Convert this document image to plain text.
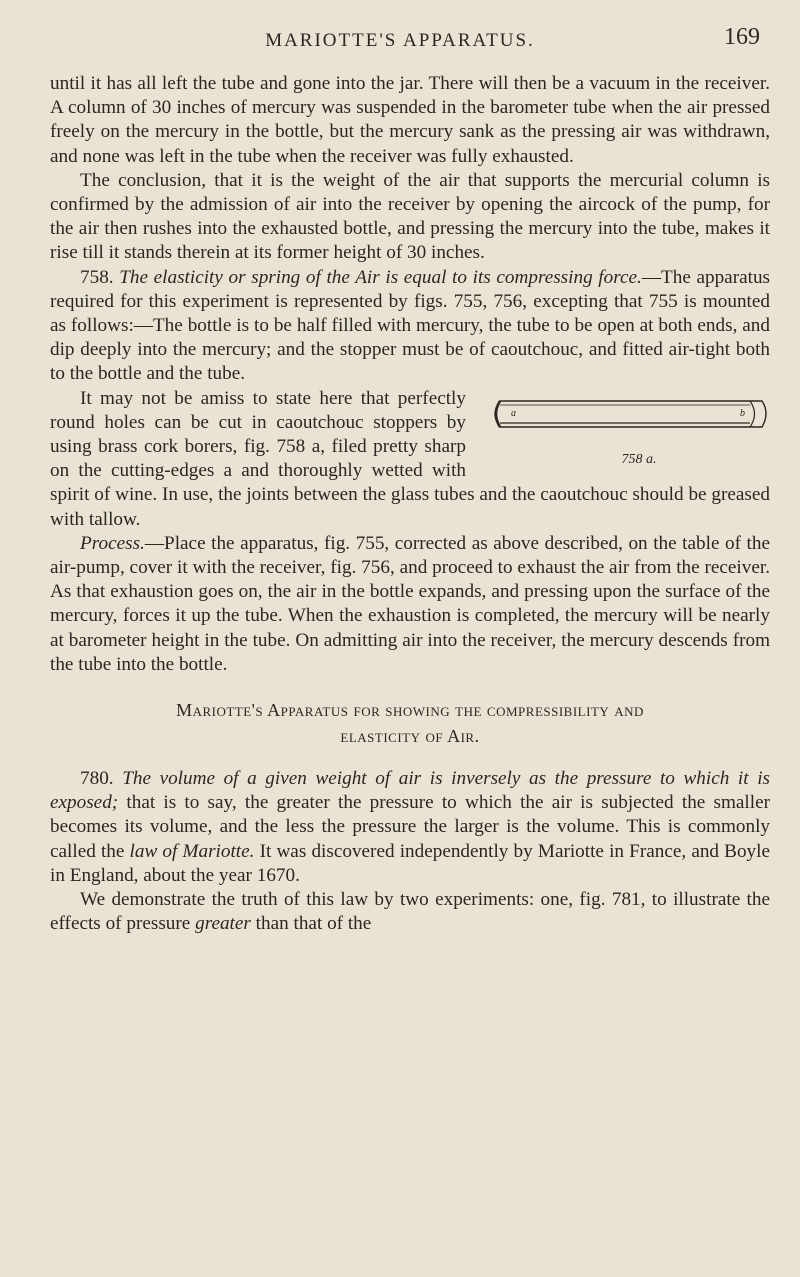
MARIOTTE'S APPARATUS.	169

until it has all left the tube and gone into the jar. There will then be a vacuum in the receiver. A column of 30 inches of mercury was suspended in the barometer tube when the air pressed freely on the mercury in the bottle, but the mercury sank as the pressing air was withdrawn, and none was left in the tube when the receiver was fully exhausted.

The conclusion, that it is the weight of the air that supports the mercurial column is confirmed by the admission of air into the receiver by opening the aircock of the pump, for the air then rushes into the exhausted bottle, and pressing the mercury into the tube, makes it rise till it stands therein at its former height of 30 inches.

758. The elasticity or spring of the Air is equal to its compressing force.—The apparatus required for this experiment is represented by figs. 755, 756, excepting that 755 is mounted as follows:—The bottle is to be half filled with mercury, the tube to be open at both ends, and dip deeply into the mercury; and the stopper must be of caoutchouc, and fitted air-tight both to the bottle and the tube.

a	b
758 a.
It may not be amiss to state here that perfectly round holes can be cut in caoutchouc stoppers by using brass cork borers, fig. 758 a, filed pretty sharp on the cutting-edges a and thoroughly wetted with spirit of wine. In use, the joints between the glass tubes and the caoutchouc should be greased with tallow.

Process.—Place the apparatus, fig. 755, corrected as above described, on the table of the air-pump, cover it with the receiver, fig. 756, and proceed to exhaust the air from the receiver. As that exhaustion goes on, the air in the bottle expands, and pressing upon the surface of the mercury, forces it up the tube. When the exhaustion is completed, the mercury will be nearly at barometer height in the tube. On admitting air into the receiver, the mercury descends from the tube into the bottle.

Mariotte's Apparatus for showing the compressibility and
elasticity of Air.

780. The volume of a given weight of air is inversely as the pressure to which it is exposed; that is to say, the greater the pressure to which the air is subjected the smaller becomes its volume, and the less the pressure the larger is the volume. This is commonly called the law of Mariotte. It was discovered independently by Mariotte in France, and Boyle in England, about the year 1670.

We demonstrate the truth of this law by two experiments: one, fig. 781, to illustrate the effects of pressure greater than that of the
